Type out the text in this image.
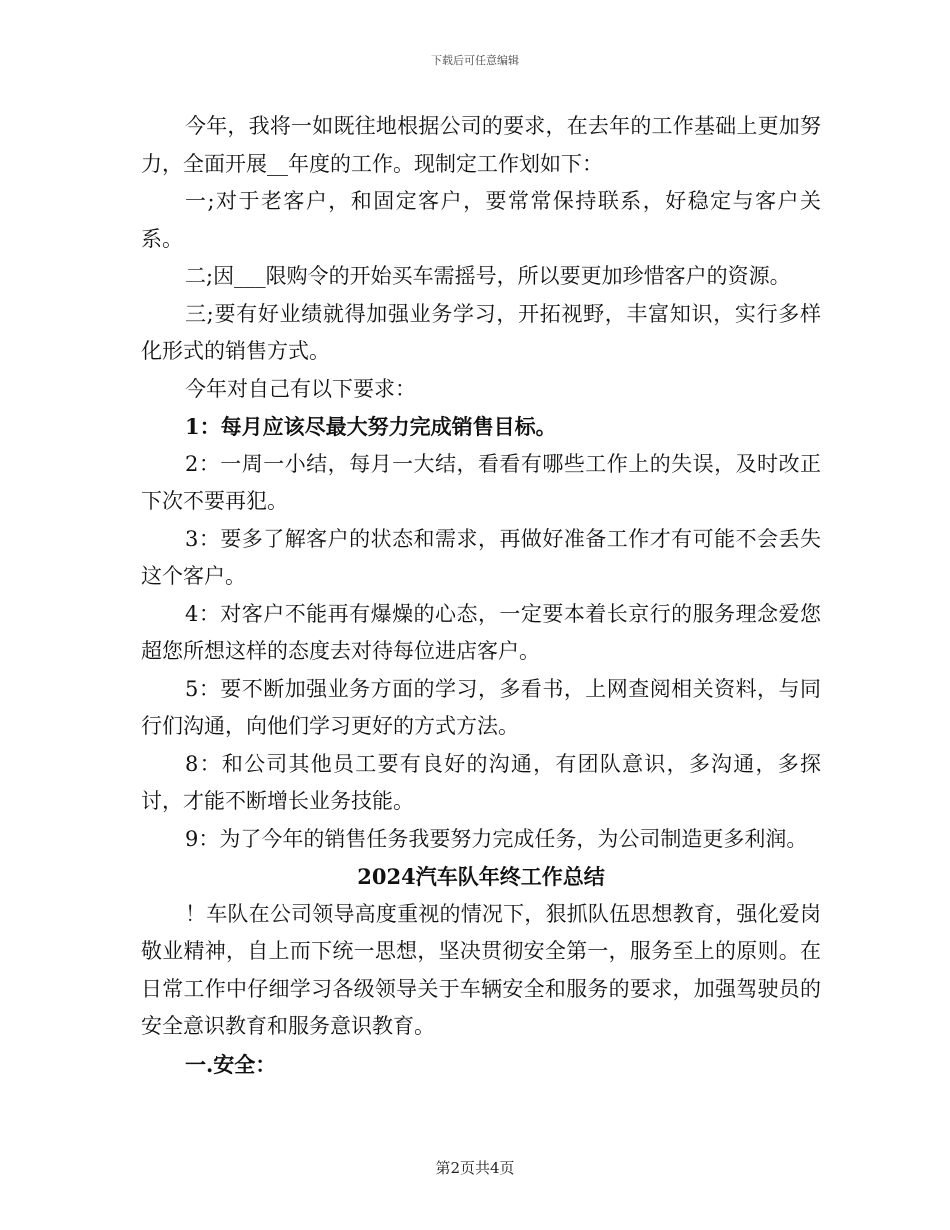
下载后可任意编辑

今年，我将一如既往地根据公司的要求，在去年的工作基础上更加努力，全面开展__年度的工作。现制定工作划如下：

一;对于老客户，和固定客户，要常常保持联系，好稳定与客户关系。

二;因___限购令的开始买车需摇号，所以要更加珍惜客户的资源。

三;要有好业绩就得加强业务学习，开拓视野，丰富知识，实行多样化形式的销售方式。

今年对自己有以下要求：

1：每月应该尽最大努力完成销售目标。

2：一周一小结，每月一大结，看看有哪些工作上的失误，及时改正下次不要再犯。

3：要多了解客户的状态和需求，再做好准备工作才有可能不会丢失这个客户。

4：对客户不能再有爆燥的心态，一定要本着长京行的服务理念爱您超您所想这样的态度去对待每位进店客户。

5：要不断加强业务方面的学习，多看书，上网查阅相关资料，与同行们沟通，向他们学习更好的方式方法。

8：和公司其他员工要有良好的沟通，有团队意识，多沟通，多探讨，才能不断增长业务技能。

9：为了今年的销售任务我要努力完成任务，为公司制造更多利润。

2024汽车队年终工作总结

！车队在公司领导高度重视的情况下，狠抓队伍思想教育，强化爱岗敬业精神，自上而下统一思想，坚决贯彻安全第一，服务至上的原则。在日常工作中仔细学习各级领导关于车辆安全和服务的要求，加强驾驶员的安全意识教育和服务意识教育。

一.安全：

第2页共4页
